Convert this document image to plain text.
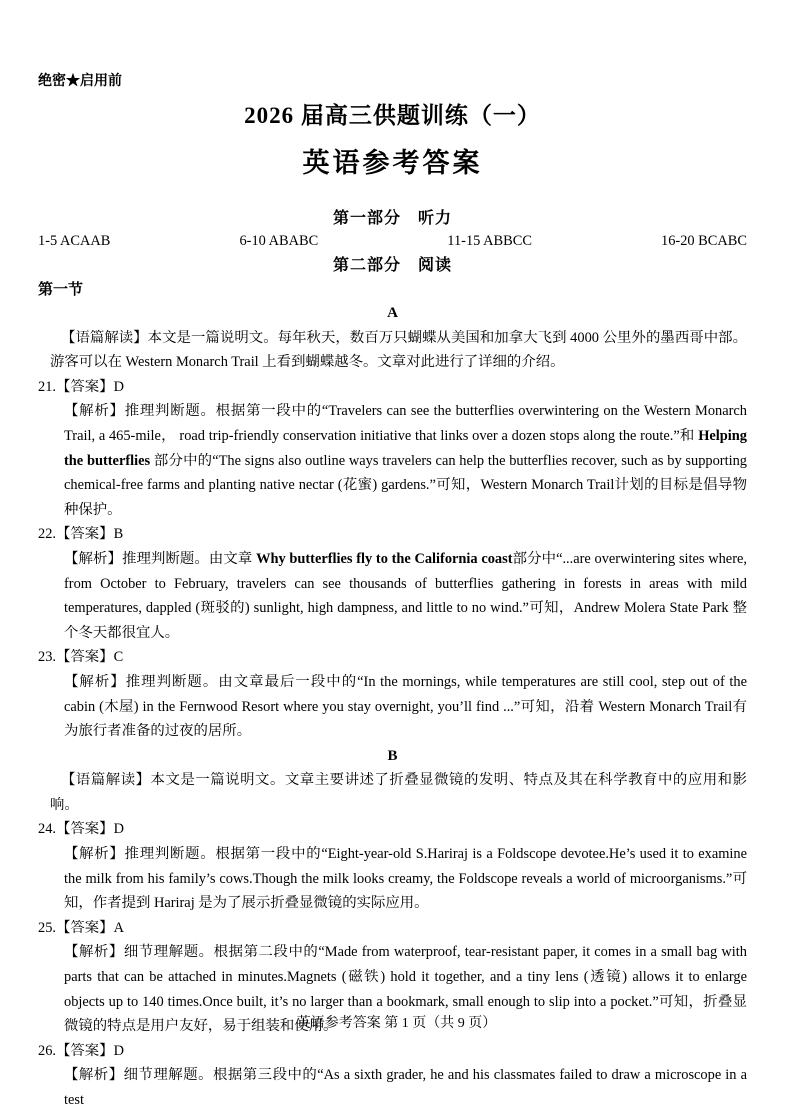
绝密★启用前
2026 届高三供题训练（一）
英语参考答案
第一部分　听力
1-5 ACAAB	6-10 ABABC	11-15 ABBCC	16-20 BCABC
第二部分　阅读
第一节
A

【语篇解读】本文是一篇说明文。每年秋天，数百万只蝴蝶从美国和加拿大飞到 4000 公里外的墨西哥中部。游客可以在 Western Monarch Trail 上看到蝴蝶越冬。文章对此进行了详细的介绍。

21.【答案】D

【解析】推理判断题。根据第一段中的“Travelers can see the butterflies overwintering on the Western Monarch Trail, a 465-mile， road trip-friendly conservation initiative that links over a dozen stops along the route.”和 Helping the butterflies 部分中的“The signs also outline ways travelers can help the butterflies recover, such as by supporting chemical-free farms and planting native nectar (花蜜) gardens.”可知，Western Monarch Trail计划的目标是倡导物种保护。

22.【答案】B

【解析】推理判断题。由文章 Why butterflies fly to the California coast部分中“...are overwintering sites where, from October to February, travelers can see thousands of butterflies gathering in forests in areas with mild temperatures, dappled (斑驳的) sunlight, high dampness, and little to no wind.”可知，Andrew Molera State Park 整个冬天都很宜人。

23.【答案】C

【解析】推理判断题。由文章最后一段中的“In the mornings, while temperatures are still cool, step out of the cabin (木屋) in the Fernwood Resort where you stay overnight, you’ll find ...”可知，沿着 Western Monarch Trail有为旅行者准备的过夜的居所。

B

【语篇解读】本文是一篇说明文。文章主要讲述了折叠显微镜的发明、特点及其在科学教育中的应用和影响。

24.【答案】D

【解析】推理判断题。根据第一段中的“Eight-year-old S.Hariraj is a Foldscope devotee.He’s used it to examine the milk from his family’s cows.Though the milk looks creamy, the Foldscope reveals a world of microorganisms.”可知，作者提到 Hariraj 是为了展示折叠显微镜的实际应用。

25.【答案】A

【解析】细节理解题。根据第二段中的“Made from waterproof, tear-resistant paper, it comes in a small bag with parts that can be attached in minutes.Magnets (磁铁) hold it together, and a tiny lens (透镜) allows it to enlarge objects up to 140 times.Once built, it’s no larger than a bookmark, small enough to slip into a pocket.”可知，折叠显微镜的特点是用户友好，易于组装和使用。

26.【答案】D

【解析】细节理解题。根据第三段中的“As a sixth grader, he and his classmates failed to draw a microscope in a test

英语参考答案 第 1 页（共 9 页）
